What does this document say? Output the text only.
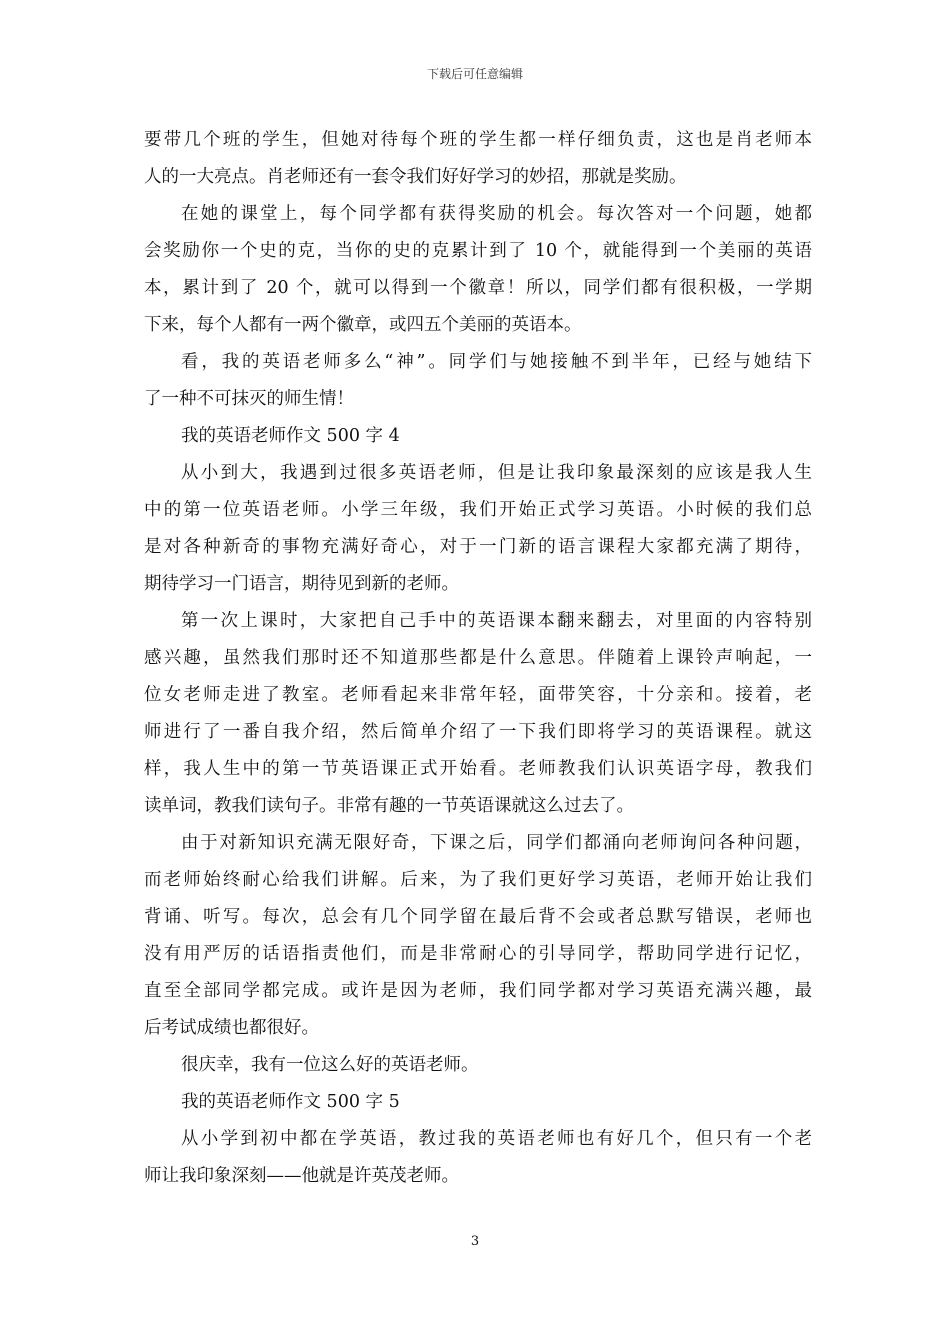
下载后可任意编辑
要带几个班的学生，但她对待每个班的学生都一样仔细负责，这也是肖老师本
人的一大亮点。肖老师还有一套令我们好好学习的妙招，那就是奖励。
在她的课堂上，每个同学都有获得奖励的机会。每次答对一个问题，她都
会奖励你一个史的克，当你的史的克累计到了 10 个，就能得到一个美丽的英语
本，累计到了 20 个，就可以得到一个徽章！所以，同学们都有很积极，一学期
下来，每个人都有一两个徽章，或四五个美丽的英语本。
看，我的英语老师多么“神”。同学们与她接触不到半年，已经与她结下
了一种不可抹灭的师生情！
我的英语老师作文 500 字 4
从小到大，我遇到过很多英语老师，但是让我印象最深刻的应该是我人生
中的第一位英语老师。小学三年级，我们开始正式学习英语。小时候的我们总
是对各种新奇的事物充满好奇心，对于一门新的语言课程大家都充满了期待，
期待学习一门语言，期待见到新的老师。
第一次上课时，大家把自己手中的英语课本翻来翻去，对里面的内容特别
感兴趣，虽然我们那时还不知道那些都是什么意思。伴随着上课铃声响起，一
位女老师走进了教室。老师看起来非常年轻，面带笑容，十分亲和。接着，老
师进行了一番自我介绍，然后简单介绍了一下我们即将学习的英语课程。就这
样，我人生中的第一节英语课正式开始看。老师教我们认识英语字母，教我们
读单词，教我们读句子。非常有趣的一节英语课就这么过去了。
由于对新知识充满无限好奇，下课之后，同学们都涌向老师询问各种问题，
而老师始终耐心给我们讲解。后来，为了我们更好学习英语，老师开始让我们
背诵、听写。每次，总会有几个同学留在最后背不会或者总默写错误，老师也
没有用严厉的话语指责他们，而是非常耐心的引导同学，帮助同学进行记忆，
直至全部同学都完成。或许是因为老师，我们同学都对学习英语充满兴趣，最
后考试成绩也都很好。
很庆幸，我有一位这么好的英语老师。
我的英语老师作文 500 字 5
从小学到初中都在学英语，教过我的英语老师也有好几个，但只有一个老
师让我印象深刻——他就是许英茂老师。
3
